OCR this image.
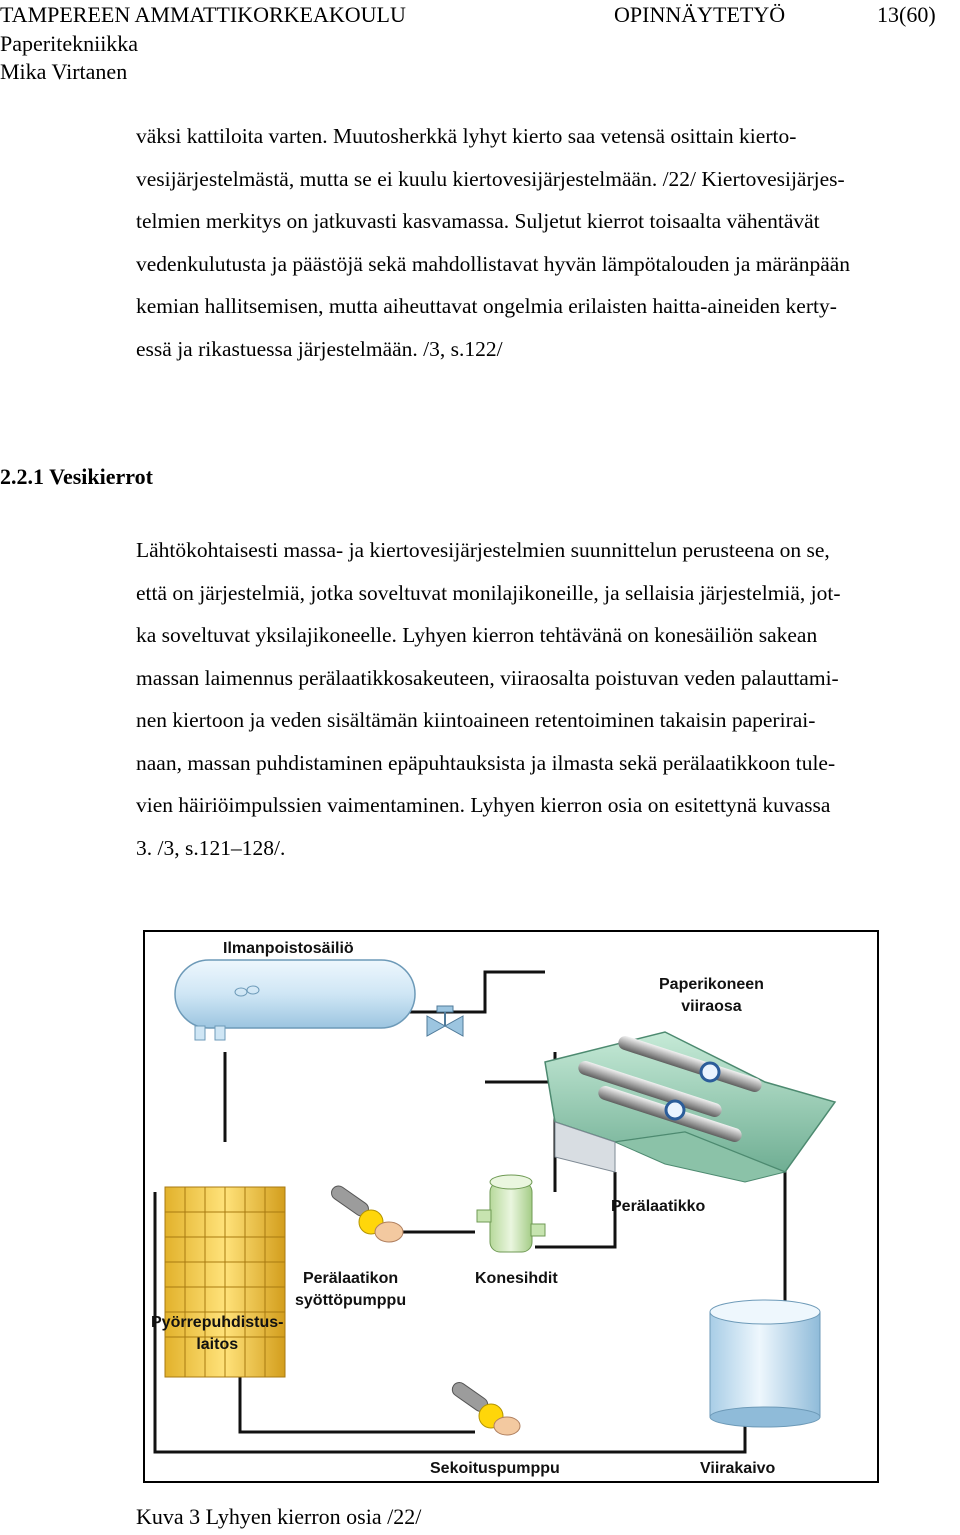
TAMPEREEN AMMATTIKORKEAKOULU	OPINNÄYTETYÖ	13(60)
Paperitekniikka
Mika Virtanen
väksi kattiloita varten. Muutosherkkä lyhyt kierto saa vetensä osittain kierto-
vesijärjestelmästä, mutta se ei kuulu kiertovesijärjestelmään. /22/ Kiertovesijärjes-
telmien merkitys on jatkuvasti kasvamassa. Suljetut kierrot toisaalta vähentävät
vedenkulutusta ja päästöjä sekä mahdollistavat hyvän lämpötalouden ja märänpään
kemian hallitsemisen, mutta aiheuttavat ongelmia erilaisten haitta-aineiden kerty-
essä ja rikastuessa järjestelmään. /3, s.122/
2.2.1 Vesikierrot
Lähtökohtaisesti massa- ja kiertovesijärjestelmien suunnittelun perusteena on se,
että on järjestelmiä, jotka soveltuvat monilajikoneille, ja sellaisia järjestelmiä, jot-
ka soveltuvat yksilajikoneelle. Lyhyen kierron tehtävänä on konesäiliön sakean
massan laimennus perälaatikkosakeuteen, viiraosalta poistuvan veden palauttami-
nen kiertoon ja veden sisältämän kiintoaineen retentoiminen takaisin paperirai-
naan, massan puhdistaminen epäpuhtauksista ja ilmasta sekä perälaatikkoon tule-
vien häiriöimpulssien vaimentaminen. Lyhyen kierron osia on esitettynä kuvassa
3. /3, s.121–128/.
Ilmanpoistosäiliö
Paperikoneen
viiraosa
Perälaatikko
Konesihdit
Perälaatikon
syöttöpumppu
Pyörrepuhdistus-
laitos
Sekoituspumppu	Viirakaivo
Kuva 3 Lyhyen kierron osia /22/
